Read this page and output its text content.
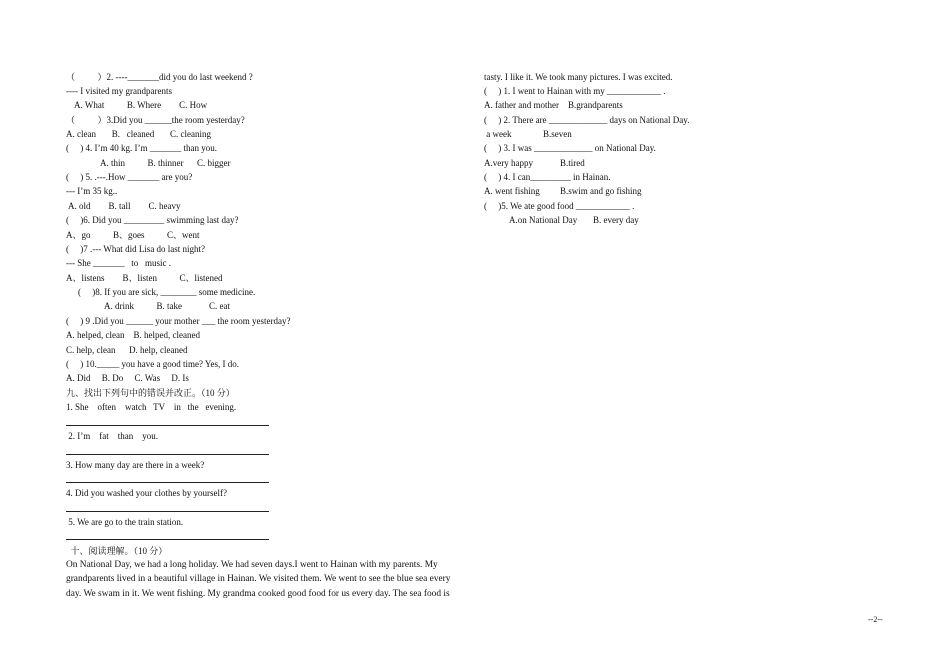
（          ）2. ----_______did you do last weekend ?
---- I visited my grandparents
A. What          B. Where        C. How
（          ）3.Did you ______the room yesterday?
A. clean       B.   cleaned       C. cleaning
(     ) 4. I’m 40 kg. I’m _______ than you.
A. thin          B. thinner      C. bigger
(     ) 5. .---.How _______ are you?
--- I’m 35 kg..
A. old        B. tall        C. heavy
(     )6. Did you _________ swimming last day?
A、go          B、goes          C、went
(     )7 .--- What did Lisa do last night?
--- She _______   to   music .
A、listens        B、listen          C、listened
(     )8. If you are sick, ________ some medicine.
A. drink          B. take            C. eat
(     ) 9 .Did you ______ your mother ___ the room yesterday?
A. helped, clean    B. helped, cleaned
C. help, clean      D. help, cleaned
(     ) 10._____ you have a good time? Yes, I do.
A. Did     B. Do     C. Was     D. Is
九、找出下列句中的错误并改正。（10 分）
1. She    often    watch   TV    in   the   evening.
2. I’m    fat    than    you.
3. How many day are there in a week?
4. Did you washed your clothes by yourself?
5. We are go to the train station.
十、阅读理解。（10 分）
On National Day, we had a long holiday. We had seven days.I went to Hainan with my parents. My
grandparents lived in a beautiful village in Hainan. We visited them. We went to see the blue sea every
day. We swam in it. We went fishing. My grandma cooked good food for us every day. The sea food is
tasty. I like it. We took many pictures. I was excited.
(     ) 1. I went to Hainan with my ____________ .
A. father and mother    B.grandparents
(     ) 2. There are _____________ days on National Day.
a week              B.seven
(     ) 3. I was _____________ on National Day.
A.very happy            B.tired
(     ) 4. I can_________ in Hainan.
A. went fishing         B.swim and go fishing
(     )5. We ate good food ____________ .
A.on National Day       B. every day
--2--
